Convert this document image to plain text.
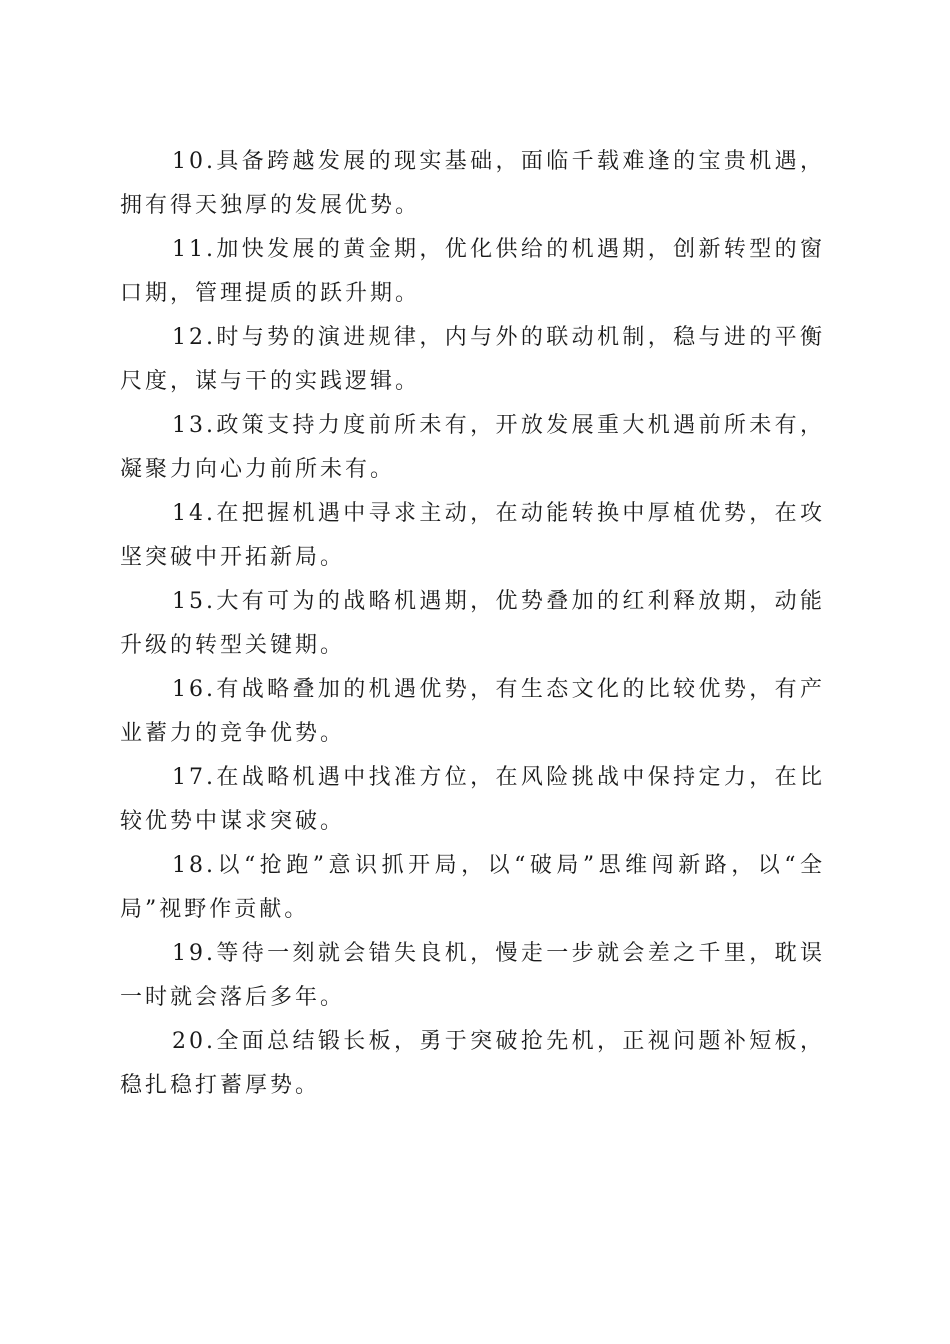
10.具备跨越发展的现实基础，面临千载难逢的宝贵机遇，拥有得天独厚的发展优势。

11.加快发展的黄金期，优化供给的机遇期，创新转型的窗口期，管理提质的跃升期。

12.时与势的演进规律，内与外的联动机制，稳与进的平衡尺度，谋与干的实践逻辑。

13.政策支持力度前所未有，开放发展重大机遇前所未有，凝聚力向心力前所未有。

14.在把握机遇中寻求主动，在动能转换中厚植优势，在攻坚突破中开拓新局。

15.大有可为的战略机遇期，优势叠加的红利释放期，动能升级的转型关键期。

16.有战略叠加的机遇优势，有生态文化的比较优势，有产业蓄力的竞争优势。

17.在战略机遇中找准方位，在风险挑战中保持定力，在比较优势中谋求突破。

18.以“抢跑”意识抓开局，以“破局”思维闯新路，以“全局”视野作贡献。

19.等待一刻就会错失良机，慢走一步就会差之千里，耽误一时就会落后多年。

20.全面总结锻长板，勇于突破抢先机，正视问题补短板，稳扎稳打蓄厚势。
